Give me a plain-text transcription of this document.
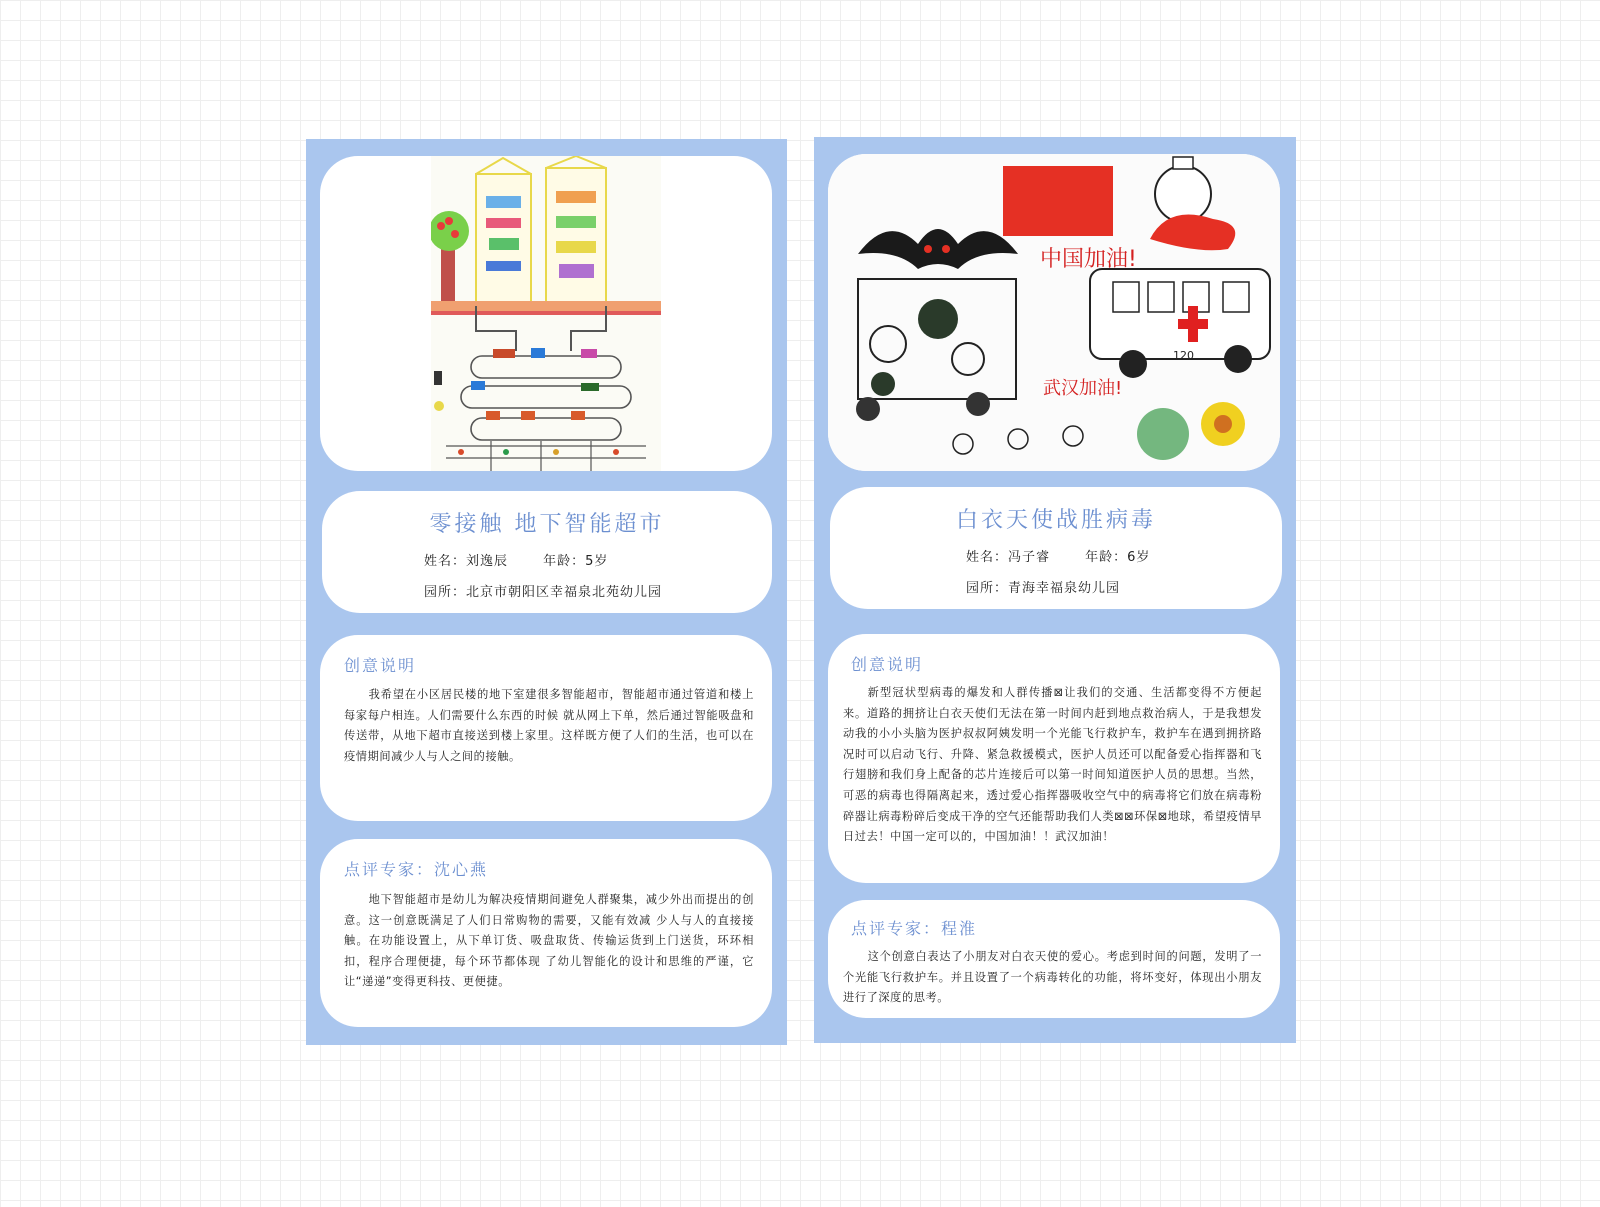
零接触 地下智能超市
姓名：刘逸辰	年龄：5岁
园所：北京市朝阳区幸福泉北苑幼儿园
创意说明

我希望在小区居民楼的地下室建很多智能超市，智能超市通过管道和楼上每家每户相连。人们需要什么东西的时候 就从网上下单，然后通过智能吸盘和传送带，从地下超市直接送到楼上家里。这样既方便了人们的生活，也可以在 疫情期间减少人与人之间的接触。

点评专家：沈心燕

地下智能超市是幼儿为解决疫情期间避免人群聚集，减少外出而提出的创意。这一创意既满足了人们日常购物的需要，又能有效减 少人与人的直接接触。在功能设置上，从下单订货、吸盘取货、传输运货到上门送货，环环相扣，程序合理便捷，每个环节都体现 了幼儿智能化的设计和思维的严谨，它让“递递”变得更科技、更便捷。

中国加油!
武汉加油!
120
白衣天使战胜病毒
姓名：冯子睿	年龄：6岁
园所：青海幸福泉幼儿园
创意说明

新型冠状型病毒的爆发和人群传播⊠让我们的交通、生活都变得不方便起来。道路的拥挤让白衣天使们无法在第一时间内赶到地点救治病人，于是我想发动我的小小头脑为医护叔叔阿姨发明一个光能飞行救护车，救护车在遇到拥挤路况时可以启动飞行、升降、紧急救援模式，医护人员还可以配备爱心指挥器和飞行翅膀和我们身上配备的芯片连接后可以第一时间知道医护人员的思想。当然，可恶的病毒也得隔离起来，透过爱心指挥器吸收空气中的病毒将它们放在病毒粉碎器让病毒粉碎后变成干净的空气还能帮助我们人类⊠⊠环保⊠地球，希望疫情早日过去！中国一定可以的，中国加油！！武汉加油！

点评专家：程淮

这个创意白表达了小朋友对白衣天使的爱心。考虑到时间的问题，发明了一个光能飞行救护车。并且设置了一个病毒转化的功能，将坏变好，体现出小朋友进行了深度的思考。
